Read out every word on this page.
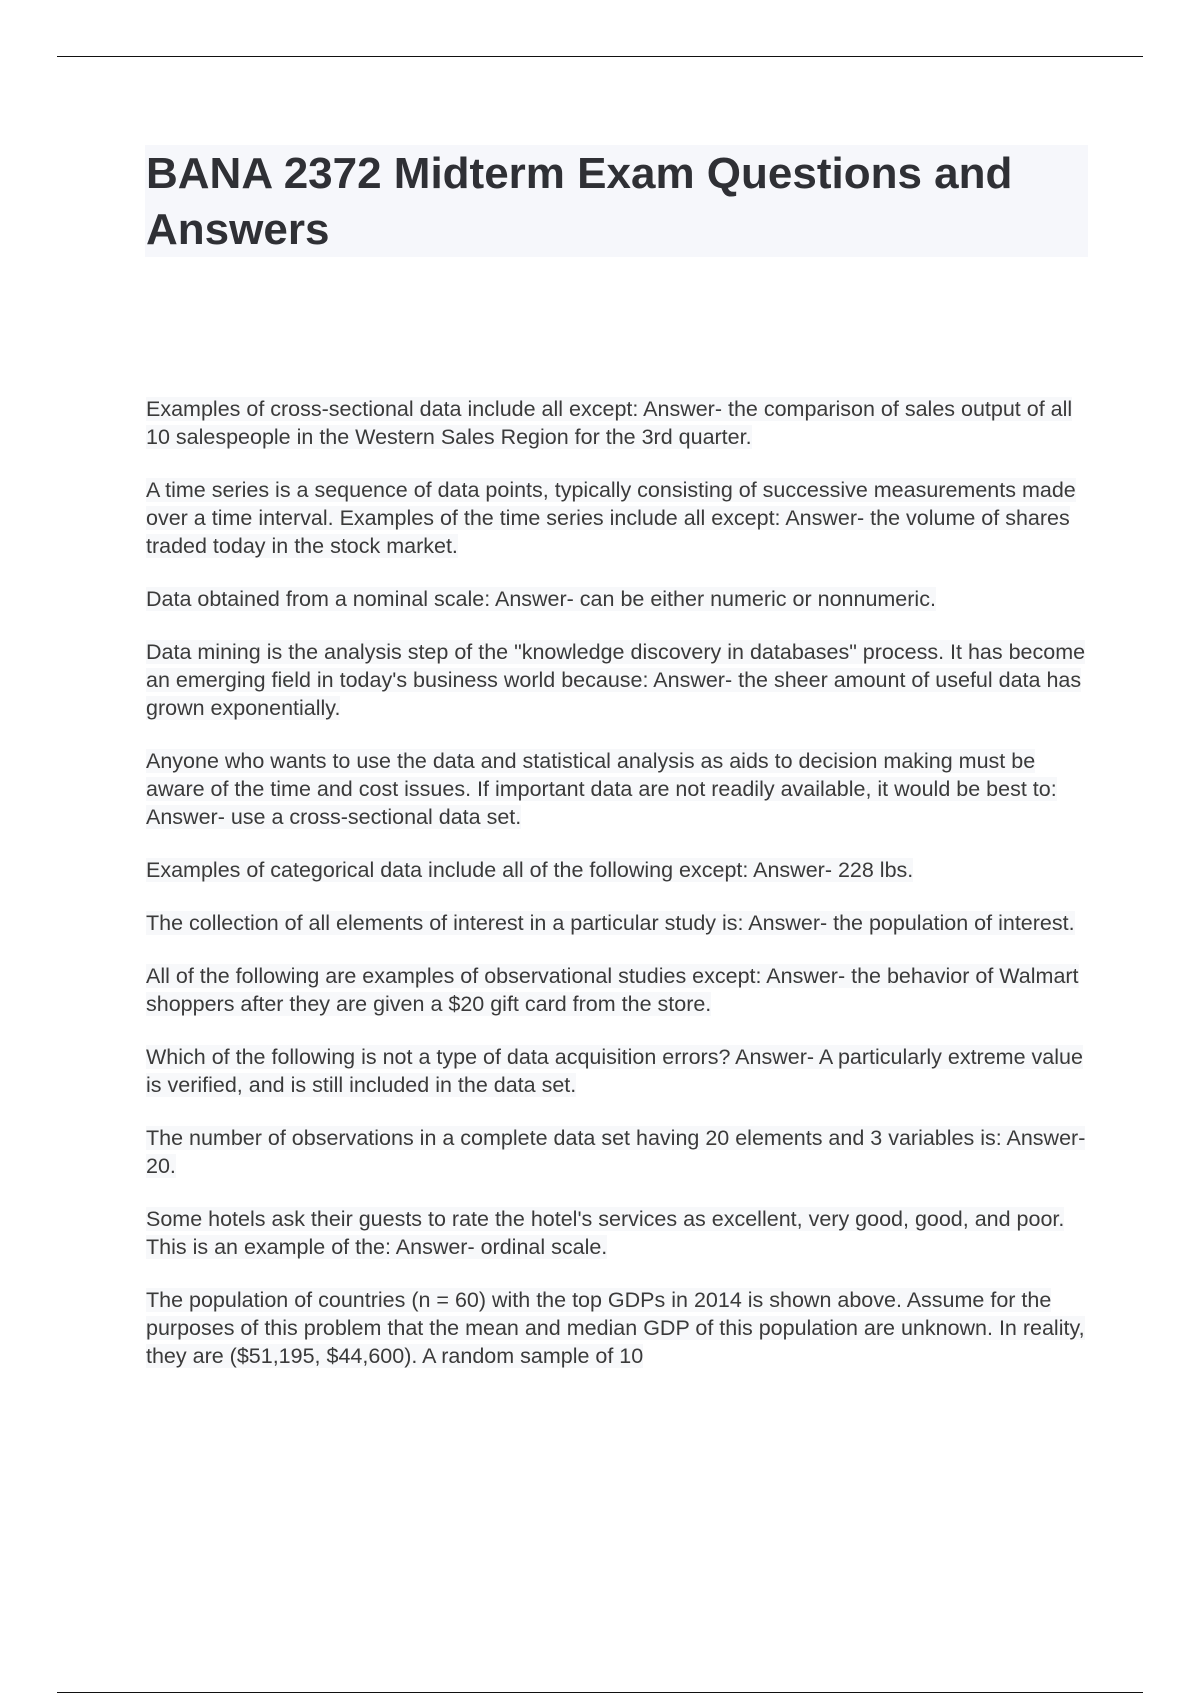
BANA 2372 Midterm Exam Questions and Answers

Examples of cross-sectional data include all except: Answer- the comparison of sales output of all 10 salespeople in the Western Sales Region for the 3rd quarter.

A time series is a sequence of data points, typically consisting of successive measurements made over a time interval. Examples of the time series include all except: Answer- the volume of shares traded today in the stock market.

Data obtained from a nominal scale: Answer- can be either numeric or nonnumeric.

Data mining is the analysis step of the "knowledge discovery in databases" process. It has become an emerging field in today's business world because: Answer- the sheer amount of useful data has grown exponentially.

Anyone who wants to use the data and statistical analysis as aids to decision making must be aware of the time and cost issues. If important data are not readily available, it would be best to: Answer- use a cross-sectional data set.

Examples of categorical data include all of the following except: Answer- 228 lbs.

The collection of all elements of interest in a particular study is: Answer- the population of interest.

All of the following are examples of observational studies except: Answer- the behavior of Walmart shoppers after they are given a $20 gift card from the store.

Which of the following is not a type of data acquisition errors? Answer- A particularly extreme value is verified, and is still included in the data set.

The number of observations in a complete data set having 20 elements and 3 variables is: Answer- 20.

Some hotels ask their guests to rate the hotel's services as excellent, very good, good, and poor. This is an example of the: Answer- ordinal scale.

The population of countries (n = 60) with the top GDPs in 2014 is shown above. Assume for the purposes of this problem that the mean and median GDP of this population are unknown. In reality, they are ($51,195, $44,600). A random sample of 10
